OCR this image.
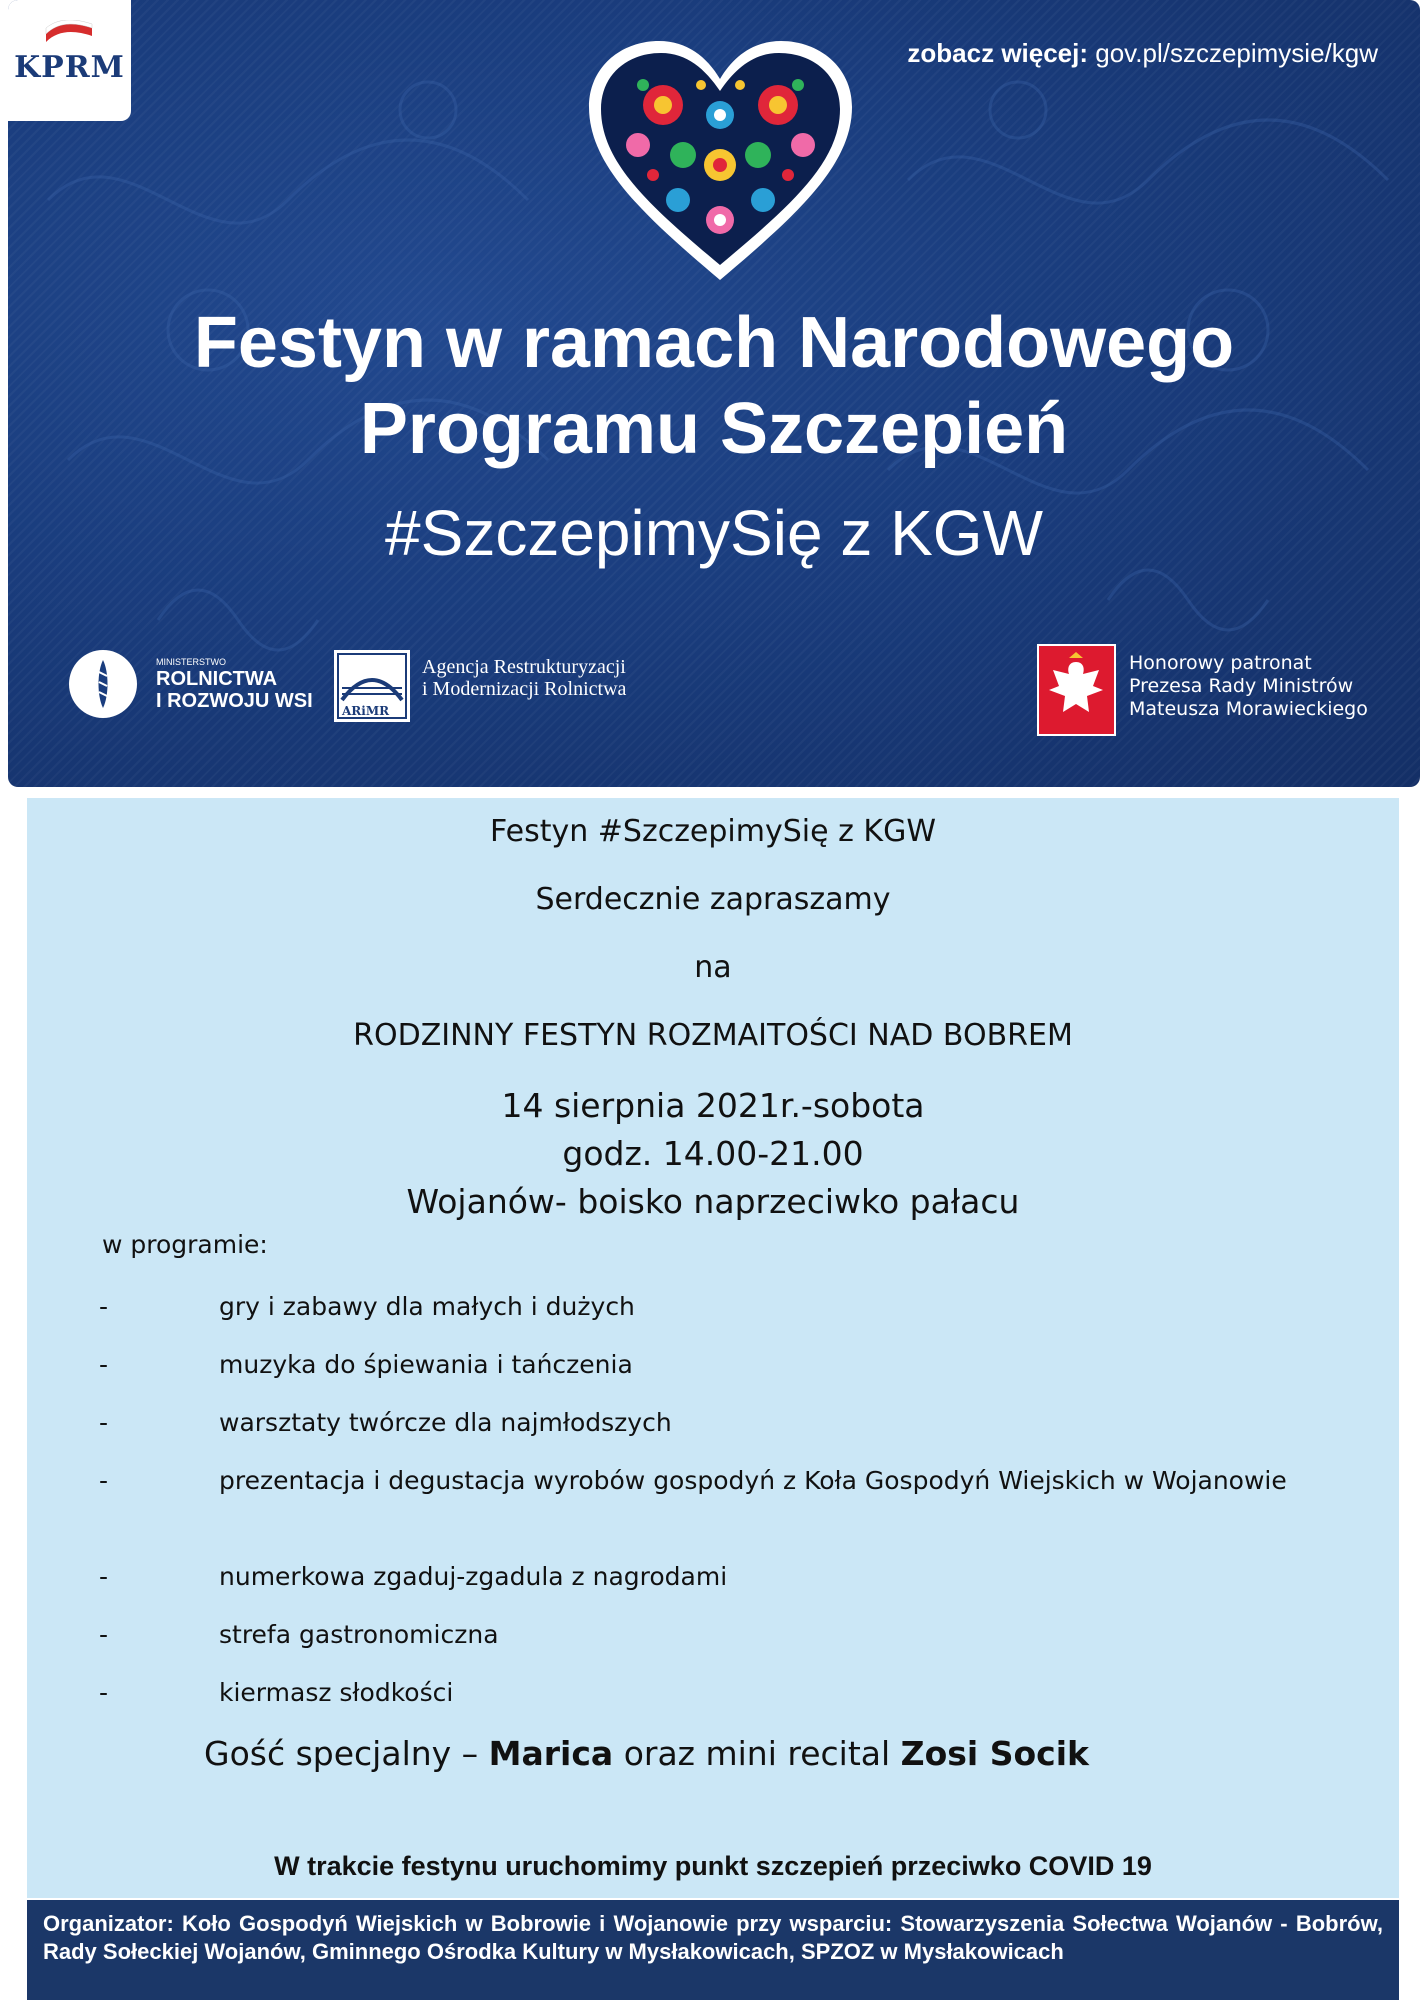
KPRM	zobacz więcej: gov.pl/szczepimysie/kgw
Festyn w ramach Narodowego
Programu Szczepień
#SzczepimySię z KGW
MINISTERSTWO
ROLNICTWA
I ROZWOJU WSI ARiMR
Agencja Restrukturyzacji
i Modernizacji Rolnictwa
Honorowy patronat
Prezesa Rady Ministrów
Mateusza Morawieckiego
Festyn #SzczepimySię z KGW
Serdecznie zapraszamy
na
RODZINNY FESTYN ROZMAITOŚCI NAD BOBREM
14 sierpnia 2021r.-sobota
godz. 14.00-21.00
Wojanów- boisko naprzeciwko pałacu
w programie:
-	gry i zabawy dla małych i dużych
-	muzyka do śpiewania i tańczenia
-	warsztaty twórcze dla najmłodszych
-	prezentacja i degustacja wyrobów gospodyń z Koła Gospodyń Wiejskich w Wojanowie
-	numerkowa zgaduj-zgadula z nagrodami
-	strefa gastronomiczna
-	kiermasz słodkości
Gość specjalny – Marica oraz mini recital Zosi Socik
W trakcie festynu uruchomimy punkt szczepień przeciwko COVID 19
Organizator: Koło Gospodyń Wiejskich w Bobrowie i Wojanowie przy wsparciu: Stowarzyszenia Sołectwa Wojanów - Bobrów, Rady Sołeckiej Wojanów, Gminnego Ośrodka Kultury w Mysłakowicach, SPZOZ w Mysłakowicach
